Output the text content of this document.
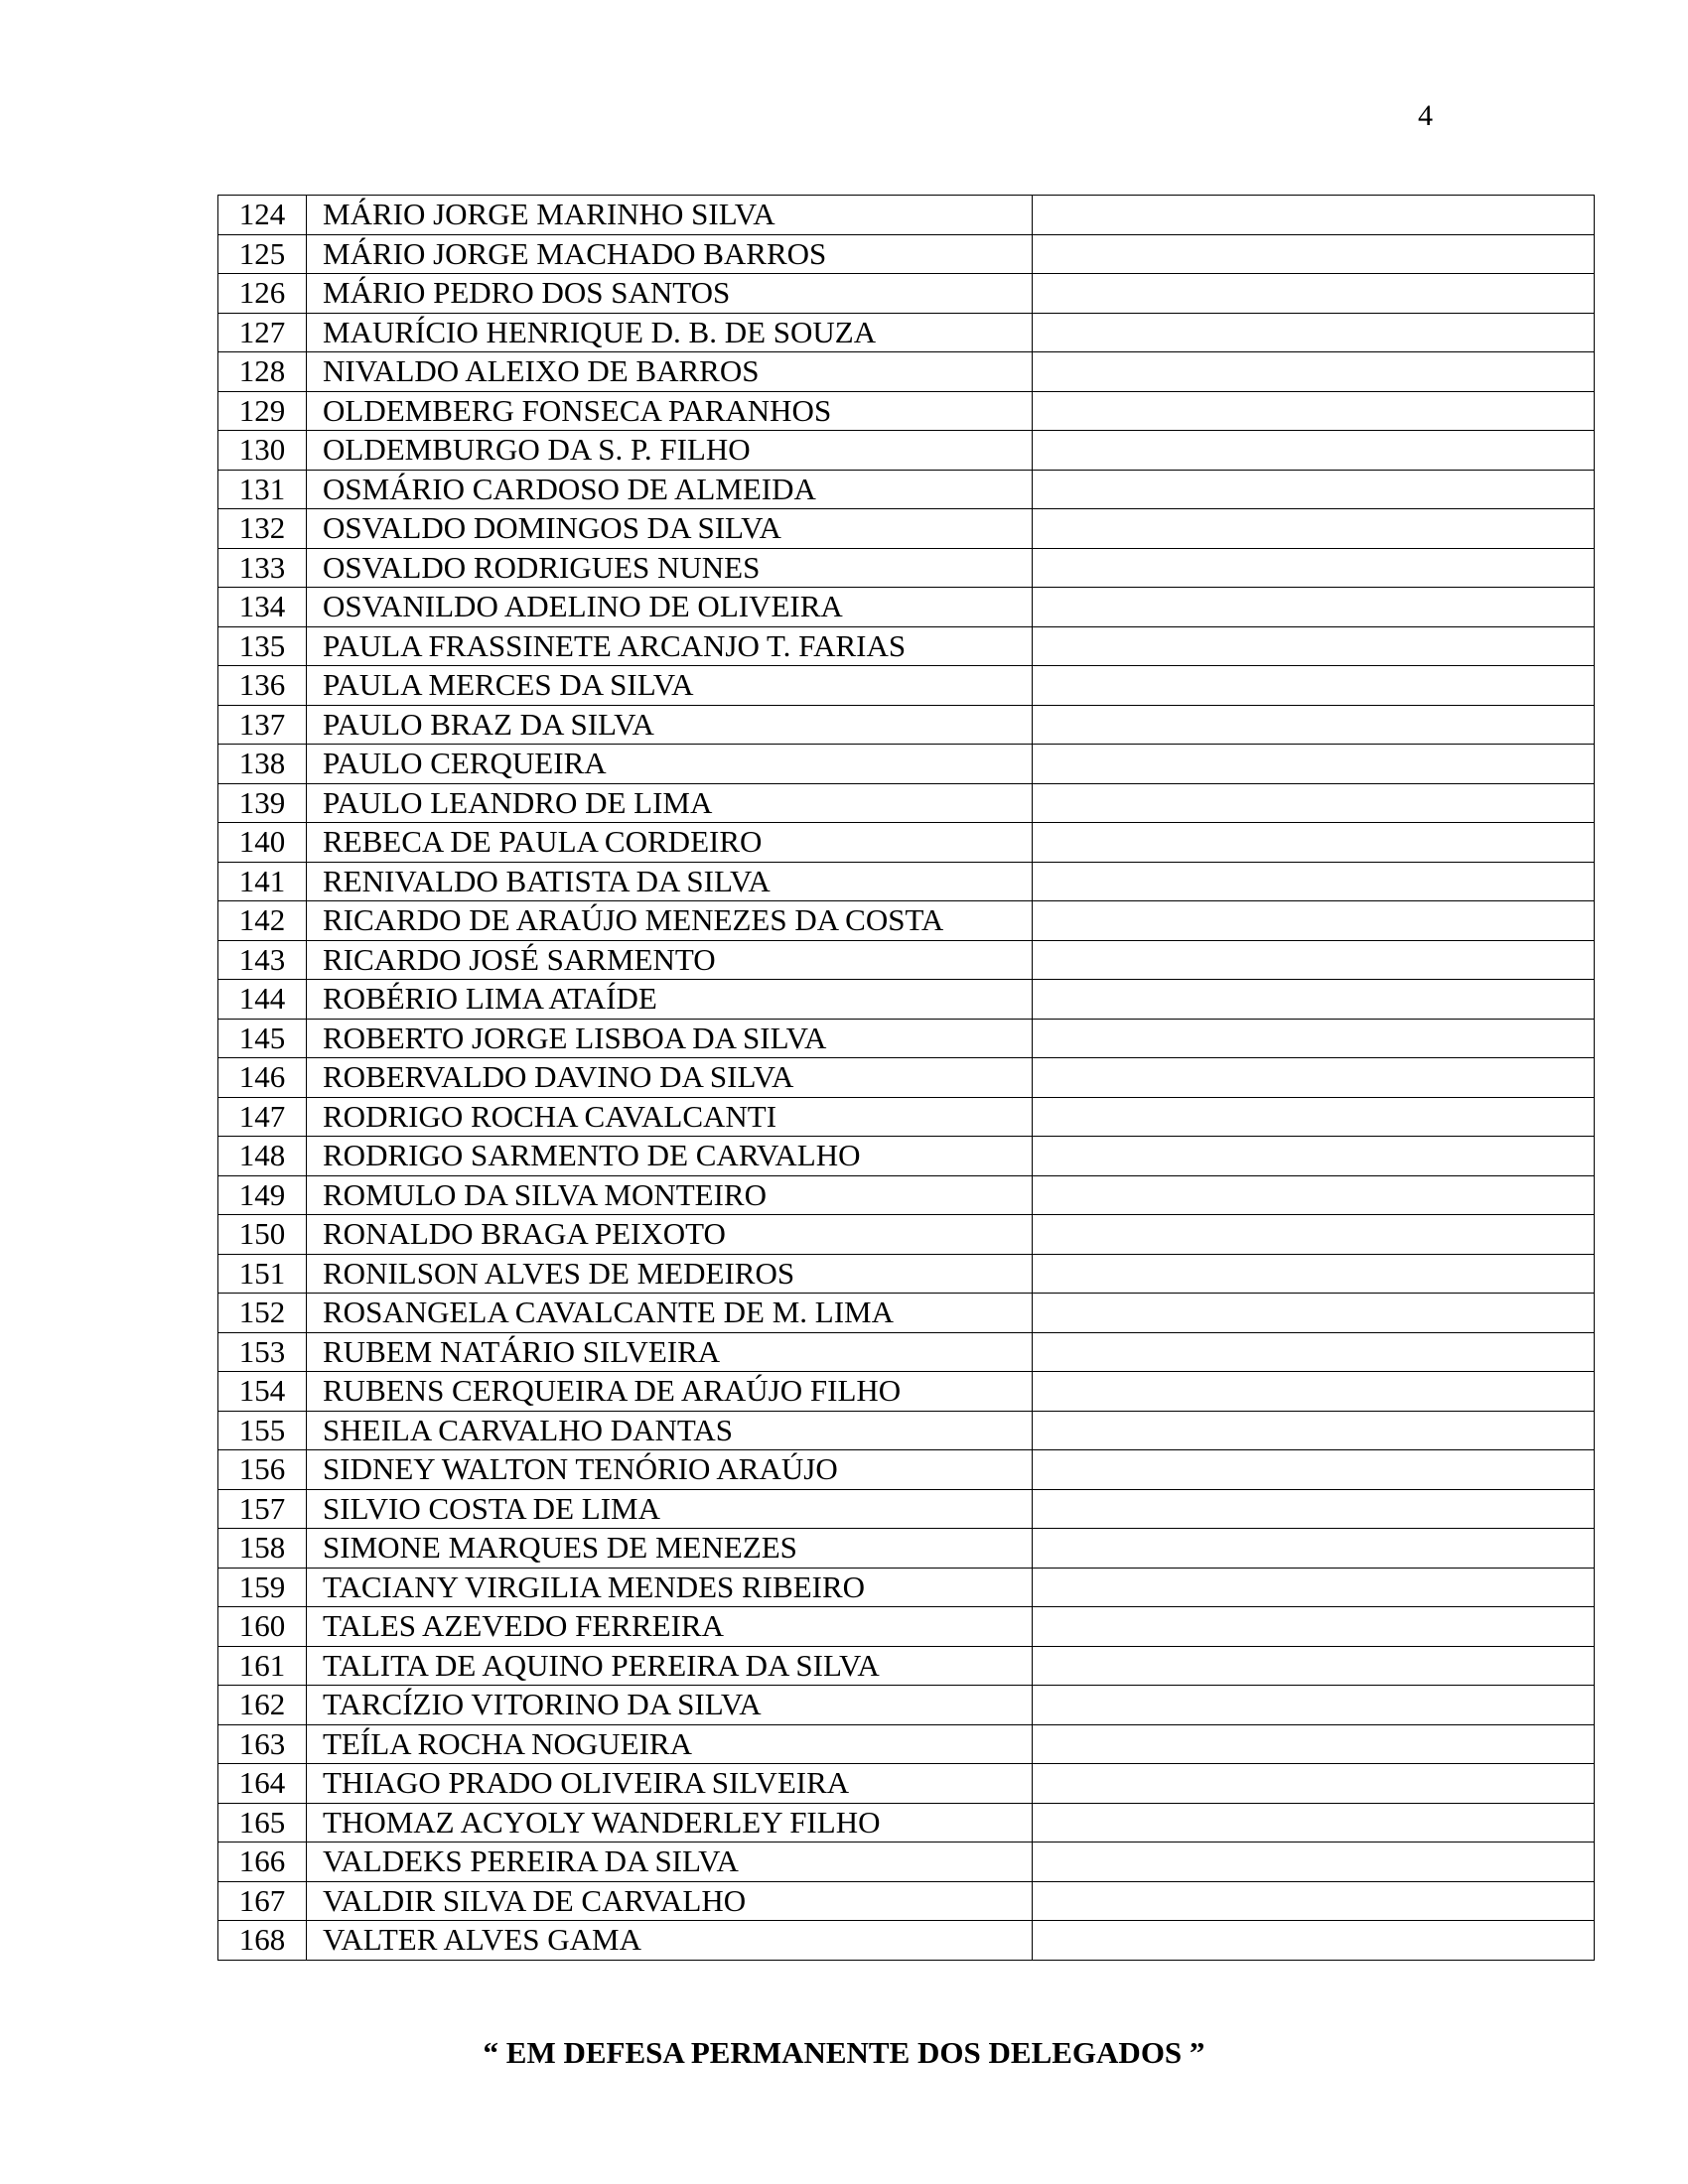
4
124	MÁRIO JORGE MARINHO SILVA	
125	MÁRIO JORGE MACHADO BARROS	
126	MÁRIO PEDRO DOS SANTOS	
127	MAURÍCIO HENRIQUE D. B. DE SOUZA	
128	NIVALDO ALEIXO DE BARROS	
129	OLDEMBERG FONSECA PARANHOS	
130	OLDEMBURGO DA S. P. FILHO	
131	OSMÁRIO CARDOSO DE ALMEIDA	
132	OSVALDO DOMINGOS DA SILVA	
133	OSVALDO RODRIGUES NUNES	
134	OSVANILDO ADELINO DE OLIVEIRA	
135	PAULA FRASSINETE ARCANJO T. FARIAS	
136	PAULA MERCES DA SILVA	
137	PAULO BRAZ DA SILVA	
138	PAULO CERQUEIRA	
139	PAULO LEANDRO DE LIMA	
140	REBECA DE PAULA CORDEIRO	
141	RENIVALDO BATISTA DA SILVA	
142	RICARDO DE ARAÚJO MENEZES DA COSTA	
143	RICARDO JOSÉ SARMENTO	
144	ROBÉRIO LIMA ATAÍDE	
145	ROBERTO JORGE LISBOA DA SILVA	
146	ROBERVALDO DAVINO DA SILVA	
147	RODRIGO ROCHA CAVALCANTI	
148	RODRIGO SARMENTO DE CARVALHO	
149	ROMULO DA SILVA MONTEIRO	
150	RONALDO BRAGA PEIXOTO	
151	RONILSON ALVES DE MEDEIROS	
152	ROSANGELA CAVALCANTE DE M. LIMA	
153	RUBEM NATÁRIO SILVEIRA	
154	RUBENS CERQUEIRA DE ARAÚJO FILHO	
155	SHEILA CARVALHO DANTAS	
156	SIDNEY WALTON TENÓRIO ARAÚJO	
157	SILVIO COSTA DE LIMA	
158	SIMONE MARQUES DE MENEZES	
159	TACIANY VIRGILIA MENDES RIBEIRO	
160	TALES AZEVEDO FERREIRA	
161	TALITA DE AQUINO PEREIRA DA SILVA	
162	TARCÍZIO VITORINO DA SILVA	
163	TEÍLA ROCHA NOGUEIRA	
164	THIAGO PRADO OLIVEIRA SILVEIRA	
165	THOMAZ ACYOLY WANDERLEY FILHO	
166	VALDEKS PEREIRA DA SILVA	
167	VALDIR SILVA DE CARVALHO	
168	VALTER ALVES GAMA	
“ EM DEFESA PERMANENTE DOS DELEGADOS ”
